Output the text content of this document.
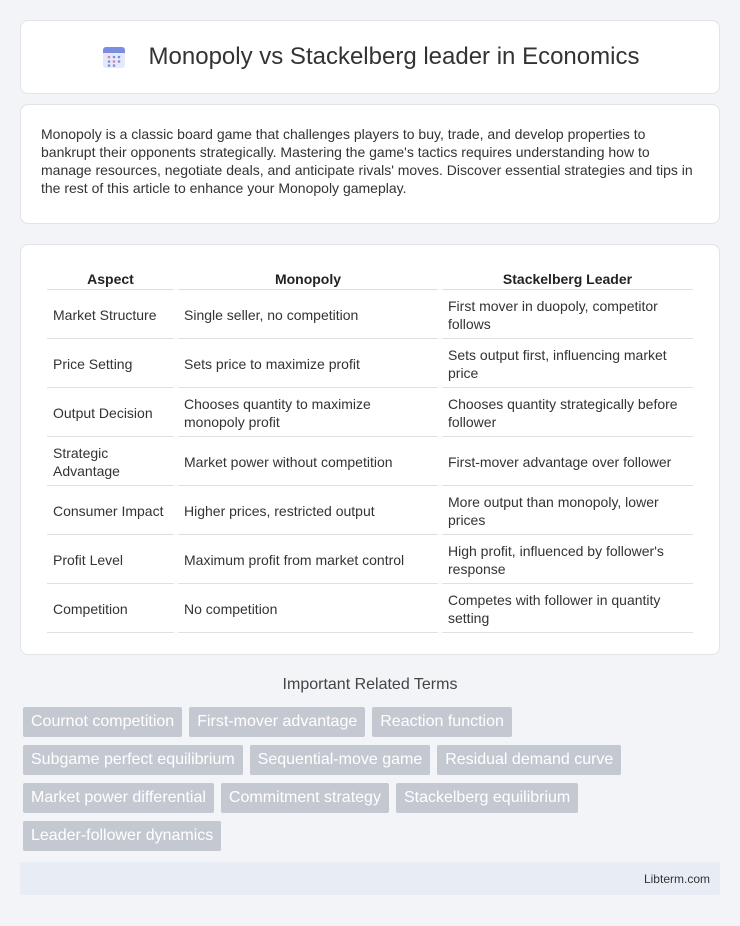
Monopoly vs Stackelberg leader in Economics

Monopoly is a classic board game that challenges players to buy, trade, and develop properties to bankrupt their opponents strategically. Mastering the game's tactics requires understanding how to manage resources, negotiate deals, and anticipate rivals' moves. Discover essential strategies and tips in the rest of this article to enhance your Monopoly gameplay.

Aspect	Monopoly	Stackelberg Leader
Market Structure	Single seller, no competition	First mover in duopoly, competitor follows
Price Setting	Sets price to maximize profit	Sets output first, influencing market price
Output Decision	Chooses quantity to maximize monopoly profit	Chooses quantity strategically before follower
Strategic Advantage	Market power without competition	First-mover advantage over follower
Consumer Impact	Higher prices, restricted output	More output than monopoly, lower prices
Profit Level	Maximum profit from market control	High profit, influenced by follower's response
Competition	No competition	Competes with follower in quantity setting
Important Related Terms
Cournot competition	First-mover advantage	Reaction function
Subgame perfect equilibrium	Sequential-move game	Residual demand curve
Market power differential	Commitment strategy	Stackelberg equilibrium
Leader-follower dynamics
Libterm.com
